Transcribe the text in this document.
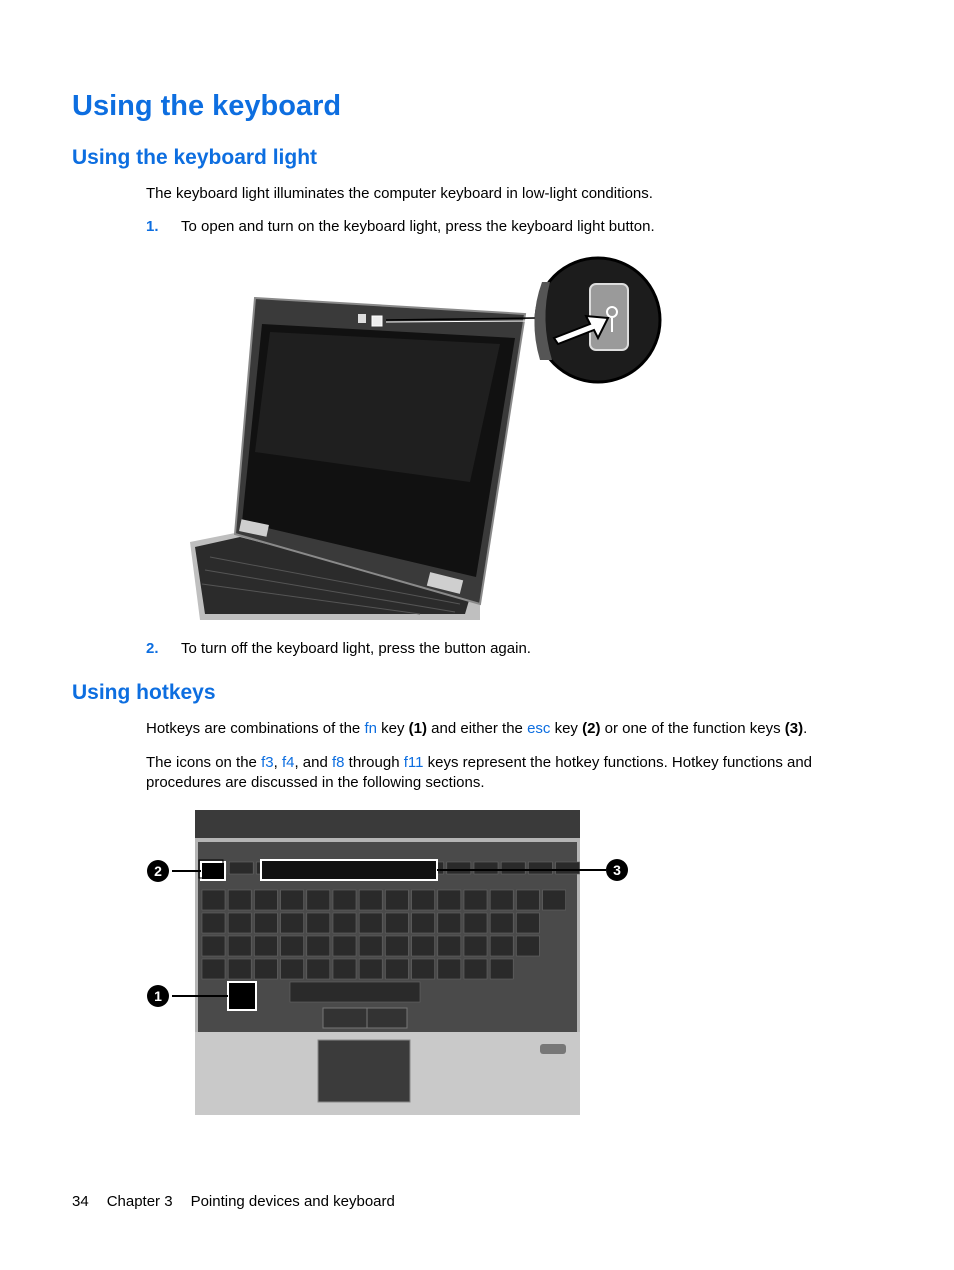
Using the keyboard
Using the keyboard light

The keyboard light illuminates the computer keyboard in low-light conditions.

1. To open and turn on the keyboard light, press the keyboard light button.

2. To turn off the keyboard light, press the button again.

Using hotkeys

Hotkeys are combinations of the fn key (1) and either the esc key (2) or one of the function keys (3).

The icons on the f3, f4, and f8 through f11 keys represent the hotkey functions. Hotkey functions and procedures are discussed in the following sections.

2	3
1
34 Chapter 3 Pointing devices and keyboard
